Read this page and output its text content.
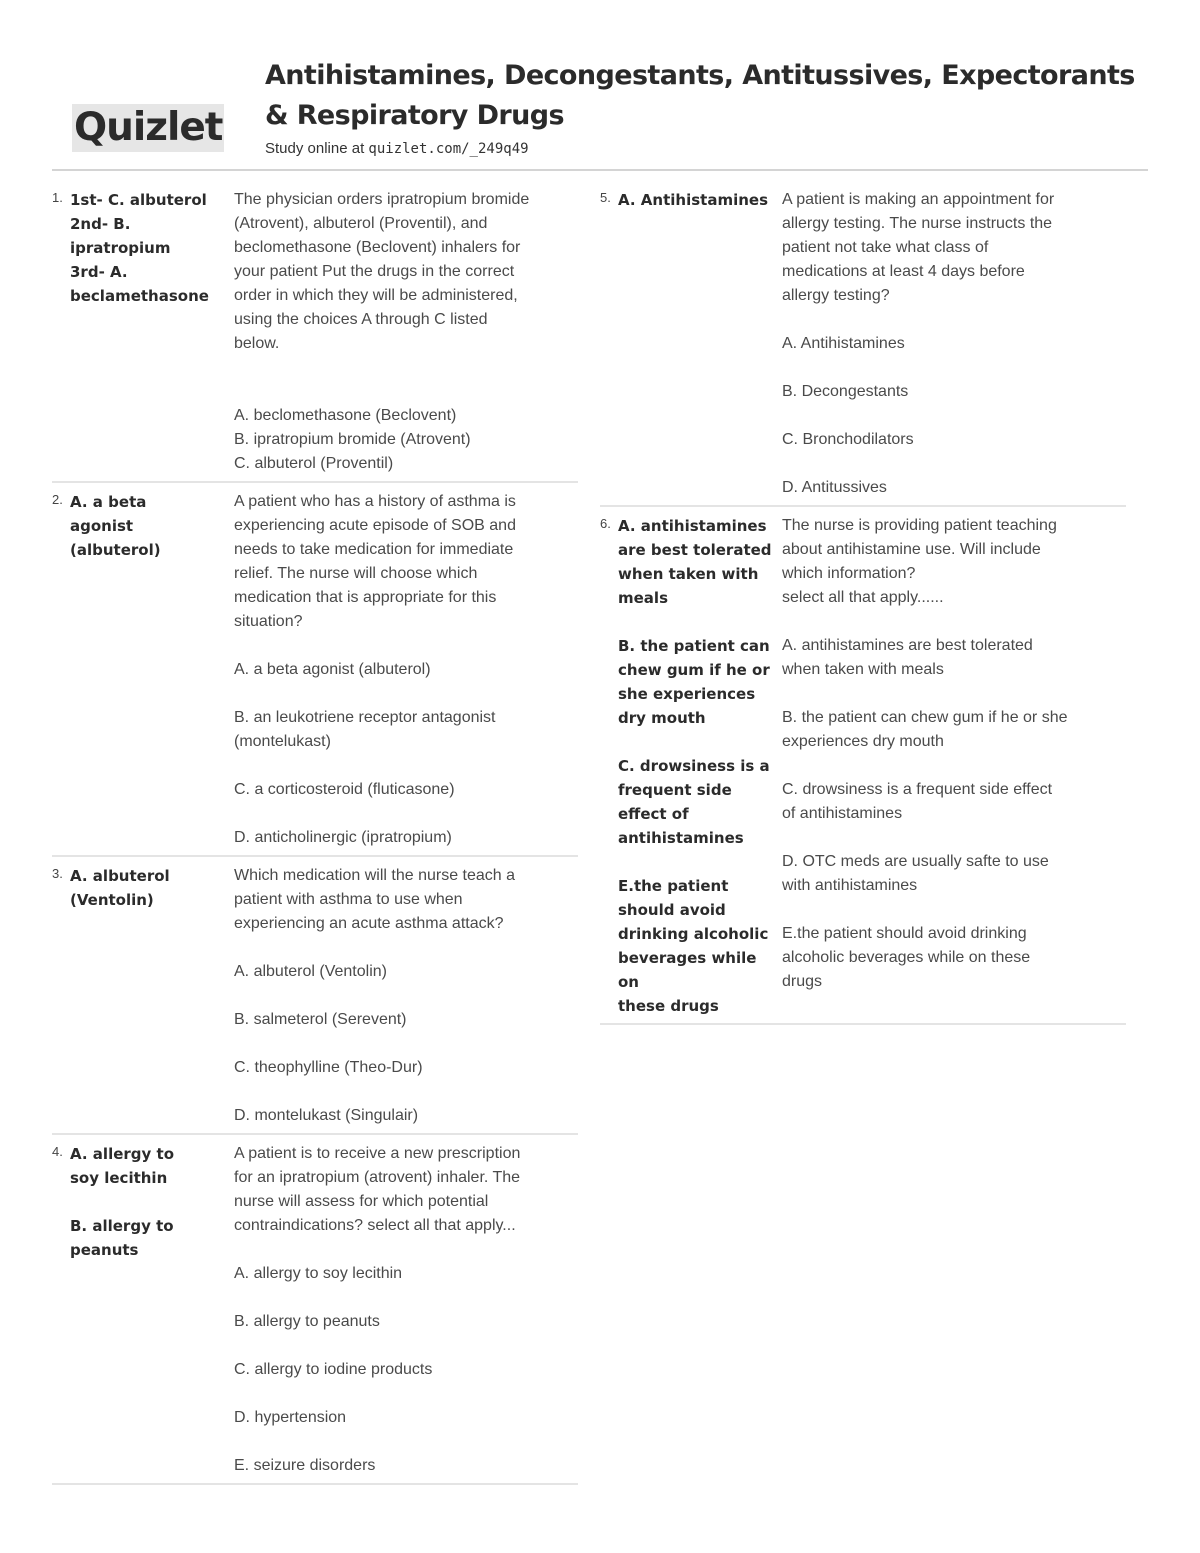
Quizlet
Antihistamines, Decongestants, Antitussives, Expectorants & Respiratory Drugs
Study online at quizlet.com/_249q49
1. 1st- C. albuterol
2nd- B.
ipratropium
3rd- A.
beclamethasone
The physician orders ipratropium bromide
(Atrovent), albuterol (Proventil), and
beclomethasone (Beclovent) inhalers for
your patient Put the drugs in the correct
order in which they will be administered,
using the choices A through C listed
below.
A. beclomethasone (Beclovent)
B. ipratropium bromide (Atrovent)
C. albuterol (Proventil)
2. A. a beta
agonist
(albuterol)
A patient who has a history of asthma is
experiencing acute episode of SOB and
needs to take medication for immediate
relief. The nurse will choose which
medication that is appropriate for this
situation?
A. a beta agonist (albuterol)
B. an leukotriene receptor antagonist
(montelukast)
C. a corticosteroid (fluticasone)
D. anticholinergic (ipratropium)
3. A. albuterol
(Ventolin)
Which medication will the nurse teach a
patient with asthma to use when
experiencing an acute asthma attack?
A. albuterol (Ventolin)
B. salmeterol (Serevent)
C. theophylline (Theo-Dur)
D. montelukast (Singulair)
4. A. allergy to
soy lecithin
B. allergy to
peanuts
A patient is to receive a new prescription
for an ipratropium (atrovent) inhaler. The
nurse will assess for which potential
contraindications? select all that apply...
A. allergy to soy lecithin
B. allergy to peanuts
C. allergy to iodine products
D. hypertension
E. seizure disorders
5. A. Antihistamines A patient is making an appointment for
allergy testing. The nurse instructs the
patient not take what class of
medications at least 4 days before
allergy testing?
A. Antihistamines
B. Decongestants
C. Bronchodilators
D. Antitussives
6. A. antihistamines
are best tolerated
when taken with
meals
B. the patient can
chew gum if he or
she experiences
dry mouth
C. drowsiness is a
frequent side
effect of
antihistamines
E.the patient
should avoid
drinking alcoholic
beverages while on
these drugs
The nurse is providing patient teaching
about antihistamine use. Will include
which information?
select all that apply......
A. antihistamines are best tolerated
when taken with meals
B. the patient can chew gum if he or she
experiences dry mouth
C. drowsiness is a frequent side effect
of antihistamines
D. OTC meds are usually safte to use
with antihistamines
E.the patient should avoid drinking
alcoholic beverages while on these
drugs
